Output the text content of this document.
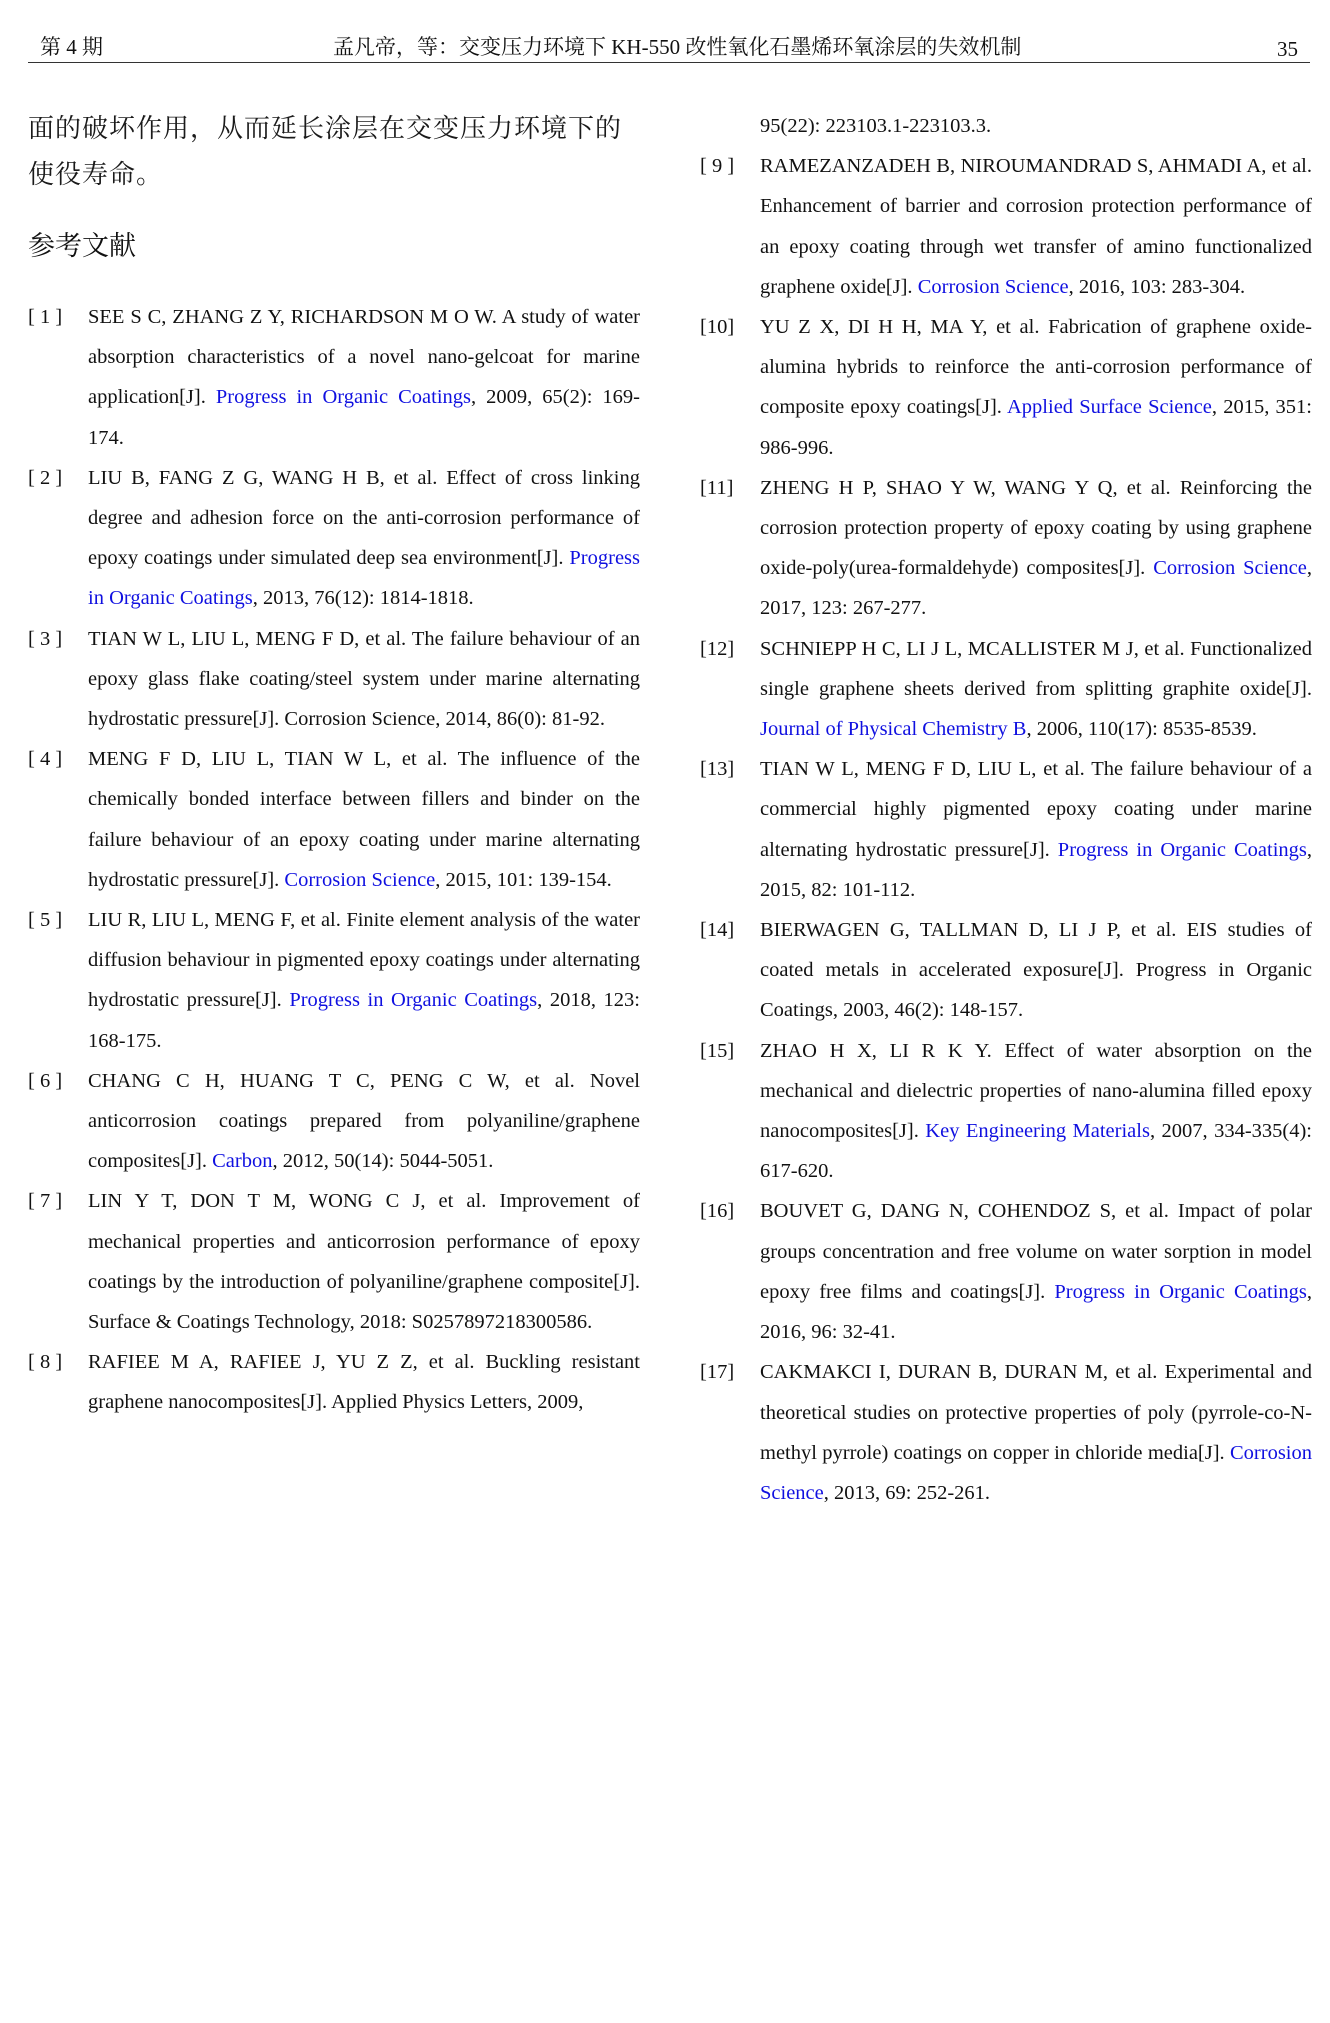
第 4 期	孟凡帝，等：交变压力环境下 KH-550 改性氧化石墨烯环氧涂层的失效机制	35

面的破坏作用，从而延长涂层在交变压力环境下的使役寿命。

参考文献
[ 1 ]	SEE S C, ZHANG Z Y, RICHARDSON M O W. A study of water absorption characteristics of a novel nano-gelcoat for marine application[J]. Progress in Organic Coatings, 2009, 65(2): 169-174.
[ 2 ]	LIU B, FANG Z G, WANG H B, et al. Effect of cross linking degree and adhesion force on the anti-corrosion performance of epoxy coatings under simulated deep sea environment[J]. Progress in Organic Coatings, 2013, 76(12): 1814-1818.
[ 3 ]	TIAN W L, LIU L, MENG F D, et al. The failure behaviour of an epoxy glass flake coating/steel system under marine alternating hydrostatic pressure[J]. Corrosion Science, 2014, 86(0): 81-92.
[ 4 ]	MENG F D, LIU L, TIAN W L, et al. The influence of the chemically bonded interface between fillers and binder on the failure behaviour of an epoxy coating under marine alternating hydrostatic pressure[J]. Corrosion Science, 2015, 101: 139-154.
[ 5 ]	LIU R, LIU L, MENG F, et al. Finite element analysis of the water diffusion behaviour in pigmented epoxy coatings under alternating hydrostatic pressure[J]. Progress in Organic Coatings, 2018, 123: 168-175.
[ 6 ]	CHANG C H, HUANG T C, PENG C W, et al. Novel anticorrosion coatings prepared from polyaniline/graphene composites[J]. Carbon, 2012, 50(14): 5044-5051.
[ 7 ]	LIN Y T, DON T M, WONG C J, et al. Improvement of mechanical properties and anticorrosion performance of epoxy coatings by the introduction of polyaniline/graphene composite[J]. Surface & Coatings Technology, 2018: S0257897218300586.
[ 8 ]	RAFIEE M A, RAFIEE J, YU Z Z, et al. Buckling resistant graphene nanocomposites[J]. Applied Physics Letters, 2009,
95(22): 223103.1-223103.3.
[ 9 ]	RAMEZANZADEH B, NIROUMANDRAD S, AHMADI A, et al. Enhancement of barrier and corrosion protection performance of an epoxy coating through wet transfer of amino functionalized graphene oxide[J]. Corrosion Science, 2016, 103: 283-304.
[10]	YU Z X, DI H H, MA Y, et al. Fabrication of graphene oxide-alumina hybrids to reinforce the anti-corrosion performance of composite epoxy coatings[J]. Applied Surface Science, 2015, 351: 986-996.
[11]	ZHENG H P, SHAO Y W, WANG Y Q, et al. Reinforcing the corrosion protection property of epoxy coating by using graphene oxide-poly(urea-formaldehyde) composites[J]. Corrosion Science, 2017, 123: 267-277.
[12]	SCHNIEPP H C, LI J L, MCALLISTER M J, et al. Functionalized single graphene sheets derived from splitting graphite oxide[J]. Journal of Physical Chemistry B, 2006, 110(17): 8535-8539.
[13]	TIAN W L, MENG F D, LIU L, et al. The failure behaviour of a commercial highly pigmented epoxy coating under marine alternating hydrostatic pressure[J]. Progress in Organic Coatings, 2015, 82: 101-112.
[14]	BIERWAGEN G, TALLMAN D, LI J P, et al. EIS studies of coated metals in accelerated exposure[J]. Progress in Organic Coatings, 2003, 46(2): 148-157.
[15]	ZHAO H X, LI R K Y. Effect of water absorption on the mechanical and dielectric properties of nano-alumina filled epoxy nanocomposites[J]. Key Engineering Materials, 2007, 334-335(4): 617-620.
[16]	BOUVET G, DANG N, COHENDOZ S, et al. Impact of polar groups concentration and free volume on water sorption in model epoxy free films and coatings[J]. Progress in Organic Coatings, 2016, 96: 32-41.
[17]	CAKMAKCI I, DURAN B, DURAN M, et al. Experimental and theoretical studies on protective properties of poly (pyrrole-co-N-methyl pyrrole) coatings on copper in chloride media[J]. Corrosion Science, 2013, 69: 252-261.
